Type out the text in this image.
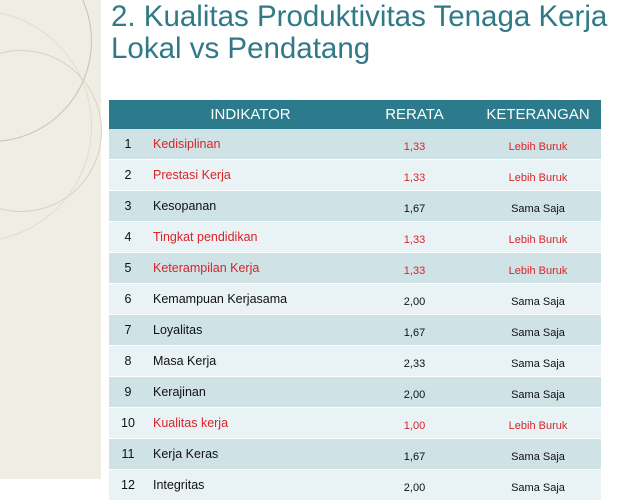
2. Kualitas Produktivitas Tenaga Kerja Lokal vs Pendatang
	INDIKATOR	RERATA	KETERANGAN
1	Kedisiplinan	1,33	Lebih Buruk
2	Prestasi Kerja	1,33	Lebih Buruk
3	Kesopanan	1,67	Sama Saja
4	Tingkat pendidikan	1,33	Lebih Buruk
5	Keterampilan Kerja	1,33	Lebih Buruk
6	Kemampuan Kerjasama	2,00	Sama Saja
7	Loyalitas	1,67	Sama Saja
8	Masa Kerja	2,33	Sama Saja
9	Kerajinan	2,00	Sama Saja
10	Kualitas kerja	1,00	Lebih Buruk
11	Kerja Keras	1,67	Sama Saja
12	Integritas	2,00	Sama Saja
